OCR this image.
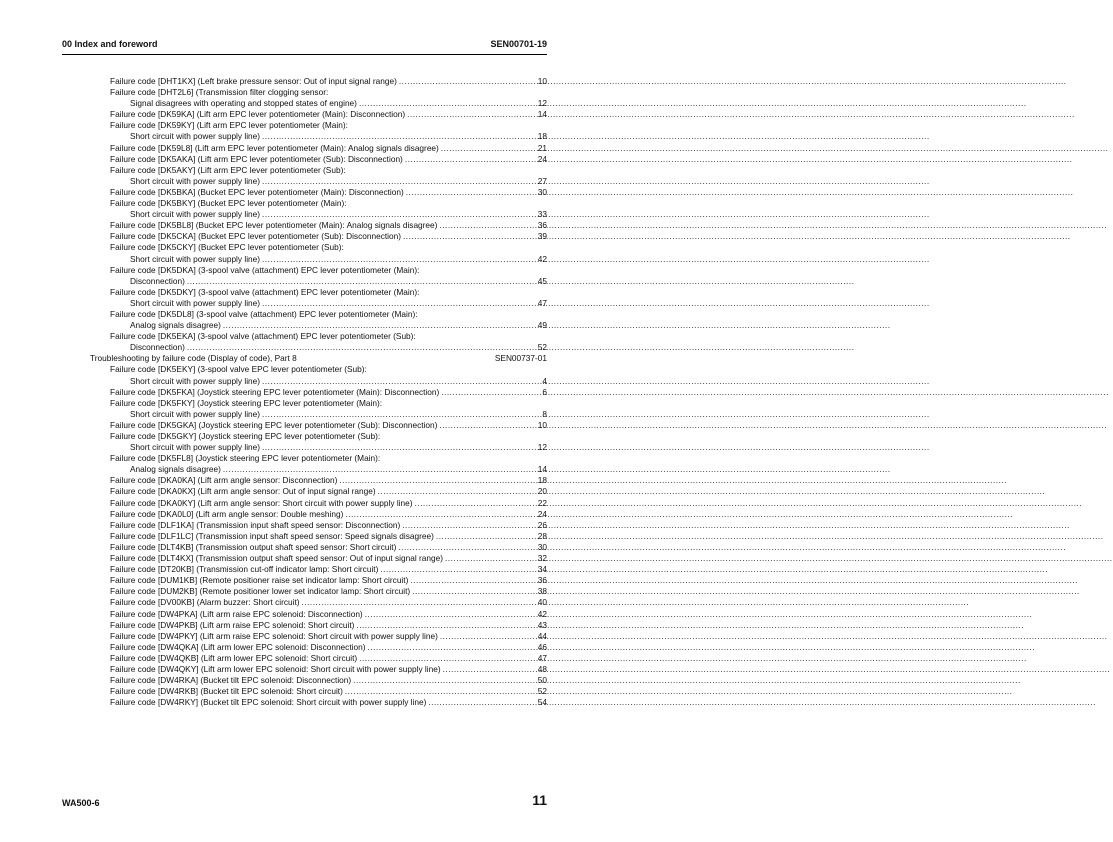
00 Index and foreword	SEN00701-19
Failure code [DHT1KX] (Left brake pressure sensor: Out of input signal range) .....	10
Failure code [DHT2L6] (Transmission filter clogging sensor:
Signal disagrees with operating and stopped states of engine) .....	12
Failure code [DK59KA] (Lift arm EPC lever potentiometer (Main): Disconnection) .....	14
Failure code [DK59KY] (Lift arm EPC lever potentiometer (Main):
Short circuit with power supply line) .....	18
Failure code [DK59L8] (Lift arm EPC lever potentiometer (Main): Analog signals disagree) .....	21
Failure code [DK5AKA] (Lift arm EPC lever potentiometer (Sub): Disconnection) .....	24
Failure code [DK5AKY] (Lift arm EPC lever potentiometer (Sub):
Short circuit with power supply line) .....	27
Failure code [DK5BKA] (Bucket EPC lever potentiometer (Main): Disconnection) .....	30
Failure code [DK5BKY] (Bucket EPC lever potentiometer (Main):
Short circuit with power supply line) .....	33
Failure code [DK5BL8] (Bucket EPC lever potentiometer (Main): Analog signals disagree) .....	36
Failure code [DK5CKA] (Bucket EPC lever potentiometer (Sub): Disconnection) .....	39
Failure code [DK5CKY] (Bucket EPC lever potentiometer (Sub):
Short circuit with power supply line) .....	42
Failure code [DK5DKA] (3-spool valve (attachment) EPC lever potentiometer (Main):
Disconnection) .....	45
Failure code [DK5DKY] (3-spool valve (attachment) EPC lever potentiometer (Main):
Short circuit with power supply line) .....	47
Failure code [DK5DL8] (3-spool valve (attachment) EPC lever potentiometer (Main):
Analog signals disagree) .....	49
Failure code [DK5EKA] (3-spool valve (attachment) EPC lever potentiometer (Sub):
Disconnection) .....	52
Troubleshooting by failure code (Display of code), Part 8	SEN00737-01
Failure code [DK5EKY] (3-spool valve EPC lever potentiometer (Sub):
Short circuit with power supply line) .....	4
Failure code [DK5FKA] (Joystick steering EPC lever potentiometer (Main): Disconnection) .....	6
Failure code [DK5FKY] (Joystick steering EPC lever potentiometer (Main):
Short circuit with power supply line) .....	8
Failure code [DK5GKA] (Joystick steering EPC lever potentiometer (Sub): Disconnection) .....	10
Failure code [DK5GKY] (Joystick steering EPC lever potentiometer (Sub):
Short circuit with power supply line) .....	12
Failure code [DK5FL8] (Joystick steering EPC lever potentiometer (Main):
Analog signals disagree) .....	14
Failure code [DKA0KA] (Lift arm angle sensor: Disconnection) .....	18
Failure code [DKA0KX] (Lift arm angle sensor: Out of input signal range) .....	20
Failure code [DKA0KY] (Lift arm angle sensor: Short circuit with power supply line) .....	22
Failure code [DKA0L0] (Lift arm angle sensor: Double meshing) .....	24
Failure code [DLF1KA] (Transmission input shaft speed sensor: Disconnection) .....	26
Failure code [DLF1LC] (Transmission input shaft speed sensor: Speed signals disagree) .....	28
Failure code [DLT4KB] (Transmission output shaft speed sensor: Short circuit) .....	30
Failure code [DLT4KX] (Transmission output shaft speed sensor: Out of input signal range) .....	32
Failure code [DT20KB] (Transmission cut-off indicator lamp: Short circuit) .....	34
Failure code [DUM1KB] (Remote positioner raise set indicator lamp: Short circuit) .....	36
Failure code [DUM2KB] (Remote positioner lower set indicator lamp: Short circuit) .....	38
Failure code [DV00KB] (Alarm buzzer: Short circuit) .....	40
Failure code [DW4PKA] (Lift arm raise EPC solenoid: Disconnection) .....	42
Failure code [DW4PKB] (Lift arm raise EPC solenoid: Short circuit) .....	43
Failure code [DW4PKY] (Lift arm raise EPC solenoid: Short circuit with power supply line) .....	44
Failure code [DW4QKA] (Lift arm lower EPC solenoid: Disconnection) .....	46
Failure code [DW4QKB] (Lift arm lower EPC solenoid: Short circuit) .....	47
Failure code [DW4QKY] (Lift arm lower EPC solenoid: Short circuit with power supply line) .....	48
Failure code [DW4RKA] (Bucket tilt EPC solenoid: Disconnection) .....	50
Failure code [DW4RKB] (Bucket tilt EPC solenoid: Short circuit) .....	52
Failure code [DW4RKY] (Bucket tilt EPC solenoid: Short circuit with power supply line) .....	54
WA500-6	11
